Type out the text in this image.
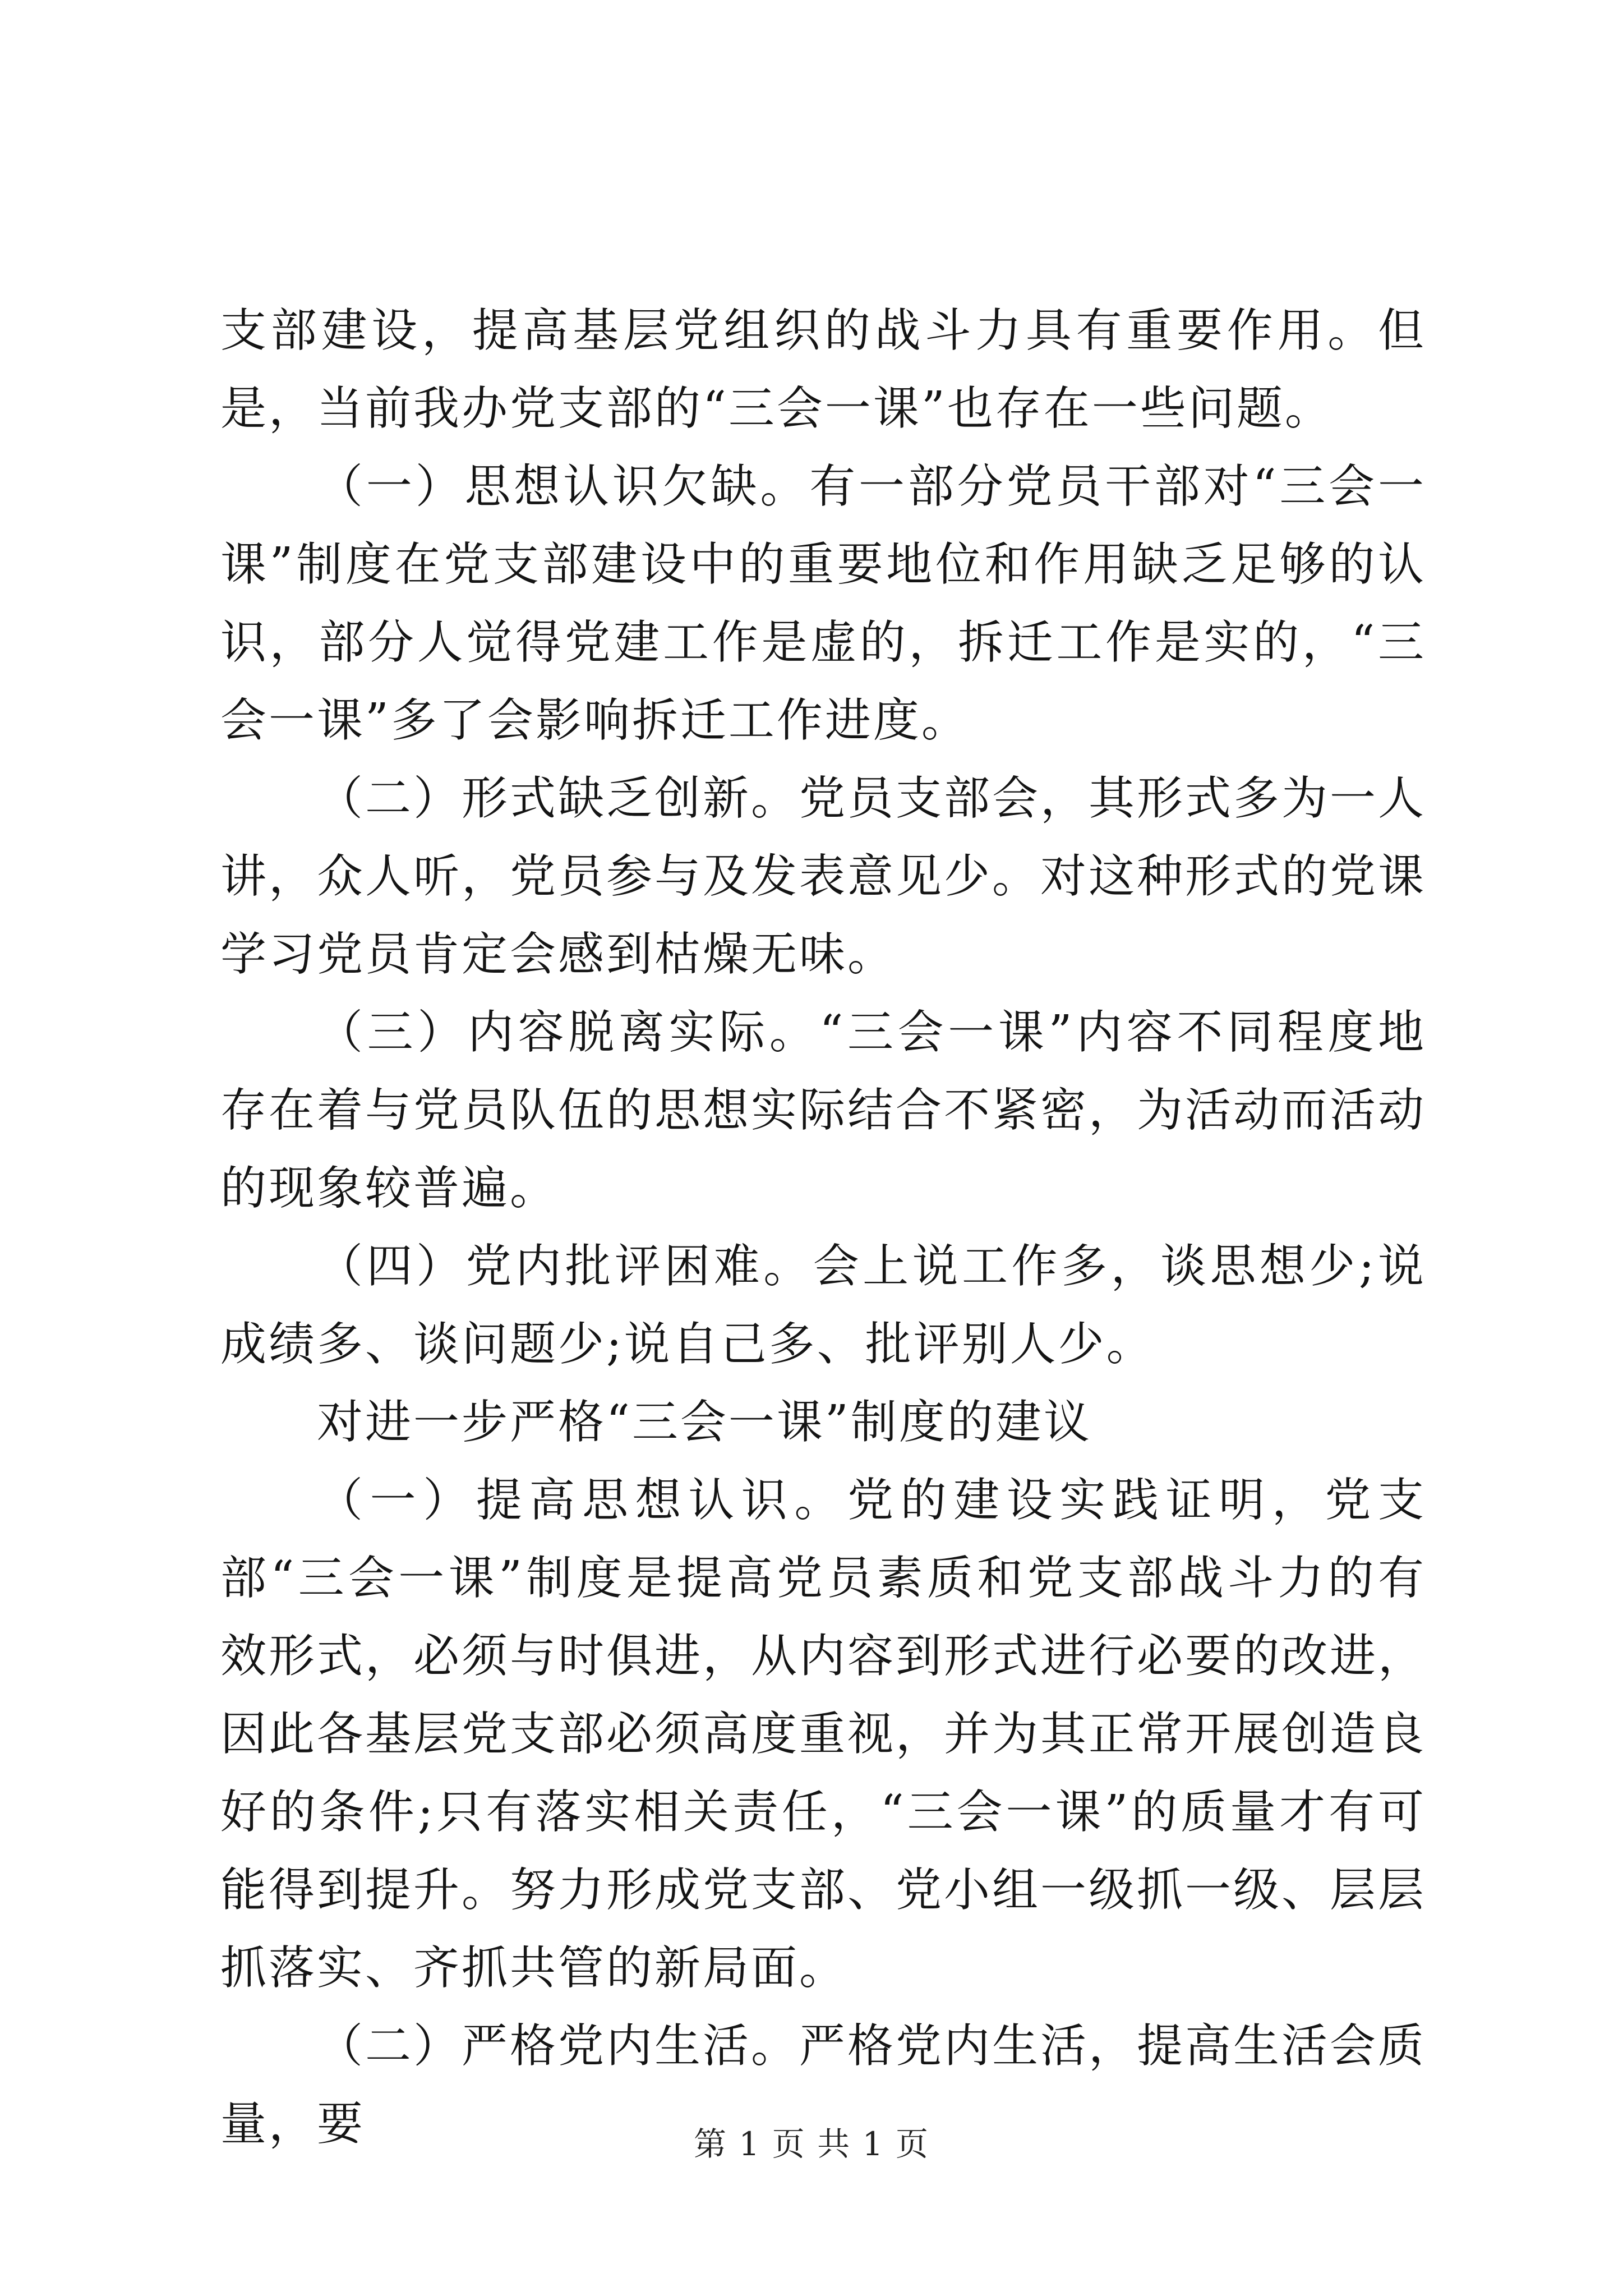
支部建设，提高基层党组织的战斗力具有重要作用。但是，当前我办党支部的“三会一课”也存在一些问题。

（一）思想认识欠缺。有一部分党员干部对“三会一课”制度在党支部建设中的重要地位和作用缺乏足够的认识，部分人觉得党建工作是虚的，拆迁工作是实的，“三会一课”多了会影响拆迁工作进度。

（二）形式缺乏创新。党员支部会，其形式多为一人讲，众人听，党员参与及发表意见少。对这种形式的党课学习党员肯定会感到枯燥无味。

（三）内容脱离实际。“三会一课”内容不同程度地存在着与党员队伍的思想实际结合不紧密，为活动而活动的现象较普遍。

（四）党内批评困难。会上说工作多，谈思想少;说成绩多、谈问题少;说自己多、批评别人少。

对进一步严格“三会一课”制度的建议

（一）提高思想认识。党的建设实践证明，党支部“三会一课”制度是提高党员素质和党支部战斗力的有效形式，必须与时俱进，从内容到形式进行必要的改进，因此各基层党支部必须高度重视，并为其正常开展创造良好的条件;只有落实相关责任，“三会一课”的质量才有可能得到提升。努力形成党支部、党小组一级抓一级、层层抓落实、齐抓共管的新局面。

（二）严格党内生活。严格党内生活，提高生活会质量，要	第 1 页 共 1 页
